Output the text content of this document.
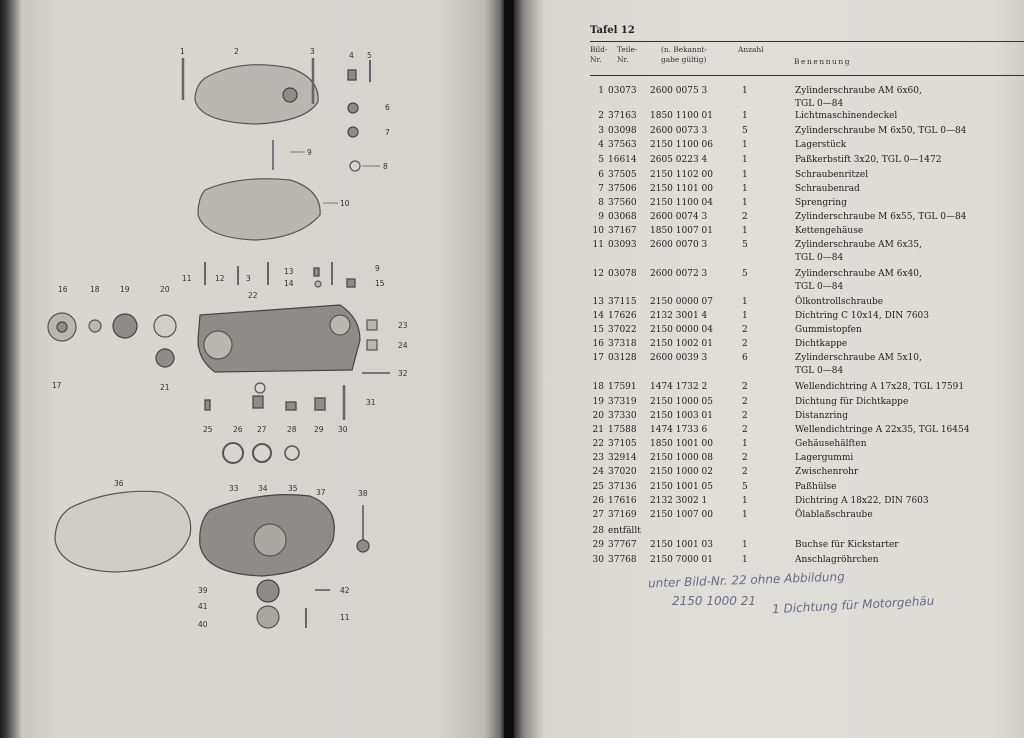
1	2	3	4 5
6
7
8
9
10
11	12	3
13
14
9
15
16	18	19	20
22
23
24
17	21
32
31
25	26 27	28 29 30
33	34	35
36
37	38
39	42
41
40
11
Tafel 12
Bild-
Nr.
Teile-
Nr.
(n. Bekannt-
gabe gültig)
Anzahl
Benennung
1 03073 2600 0075 3	1	Zylinderschraube AM 6x60,
TGL 0—84
2 37163 1850 1100 01	1	Lichtmaschinendeckel
3 03098 2600 0073 3	5	Zylinderschraube M 6x50, TGL 0—84
4 37563 2150 1100 06	1	Lagerstück
5 16614 2605 0223 4	1	Paßkerbstift 3x20, TGL 0—1472
6 37505 2150 1102 00	1	Schraubenritzel
7 37506 2150 1101 00	1	Schraubenrad
8 37560 2150 1100 04	1	Sprengring
9 03068 2600 0074 3	2	Zylinderschraube M 6x55, TGL 0—84
10 37167 1850 1007 01	1	Kettengehäuse
11 03093 2600 0070 3	5	Zylinderschraube AM 6x35,
TGL 0—84
12 03078 2600 0072 3	5	Zylinderschraube AM 6x40,
TGL 0—84
13 37115 2150 0000 07	1	Ölkontrollschraube
14 17626 2132 3001 4	1	Dichtring C 10x14, DIN 7603
15 37022 2150 0000 04	2	Gummistopfen
16 37318 2150 1002 01	2	Dichtkappe
17 03128 2600 0039 3	6	Zylinderschraube AM 5x10,
TGL 0—84
18 17591 1474 1732 2	2	Wellendichtring A 17x28, TGL 17591
19 37319 2150 1000 05	2	Dichtung für Dichtkappe
20 37330 2150 1003 01	2	Distanzring
21 17588 1474 1733 6	2	Wellendichtringe A 22x35, TGL 16454
22 37105 1850 1001 00	1	Gehäusehälften
23 32914 2150 1000 08	2	Lagergummi
24 37020 2150 1000 02	2	Zwischenrohr
25 37136 2150 1001 05	5	Paßhülse
26 17616 2132 3002 1	1	Dichtring A 18x22, DIN 7603
27 37169 2150 1007 00	1	Ölablaßschraube
28 entfällt
29 37767 2150 1001 03	1	Buchse für Kickstarter
30 37768 2150 7000 01	1	Anschlagröhrchen
unter Bild-Nr. 22 ohne Abbildung
2150 1000 21 1 Dichtung für Motorgehäu
